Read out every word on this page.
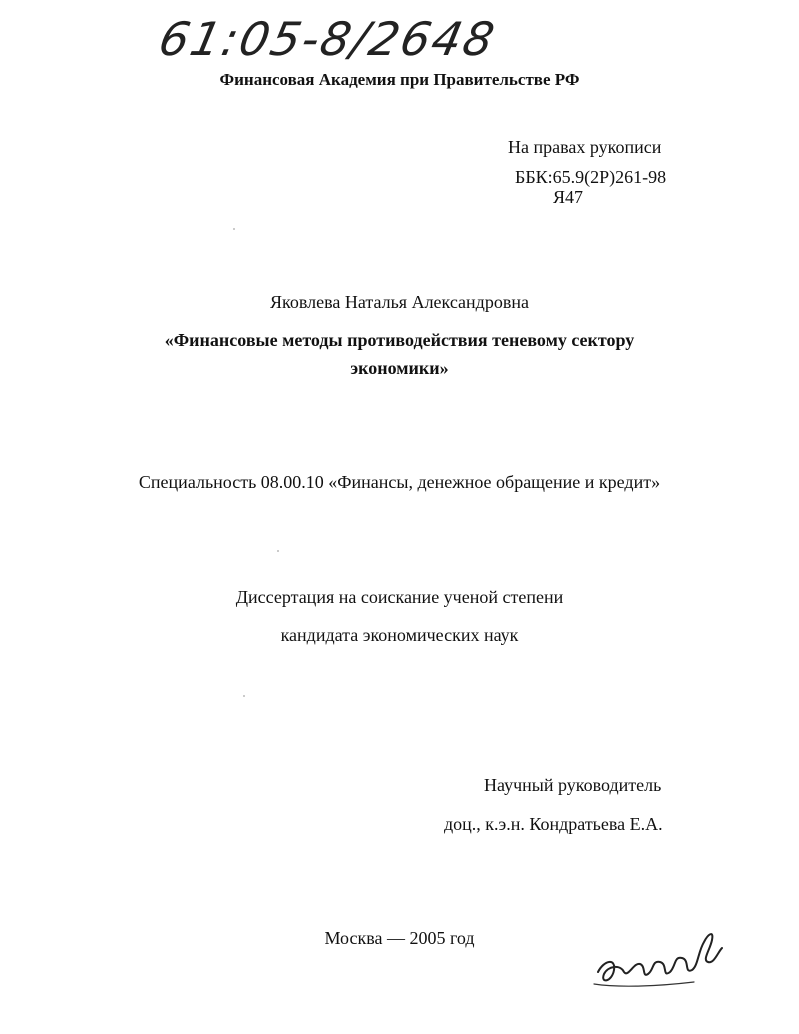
61:05-8/2648

Финансовая Академия при Правительстве РФ

На правах рукописи

ББК:65.9(2Р)261-98

Я47

Яковлева Наталья Александровна

«Финансовые методы противодействия теневому сектору

экономики»

Специальность 08.00.10 «Финансы, денежное обращение и кредит»

Диссертация на соискание ученой степени

кандидата экономических наук

Научный руководитель

доц., к.э.н. Кондратьева Е.А.

Москва — 2005 год
